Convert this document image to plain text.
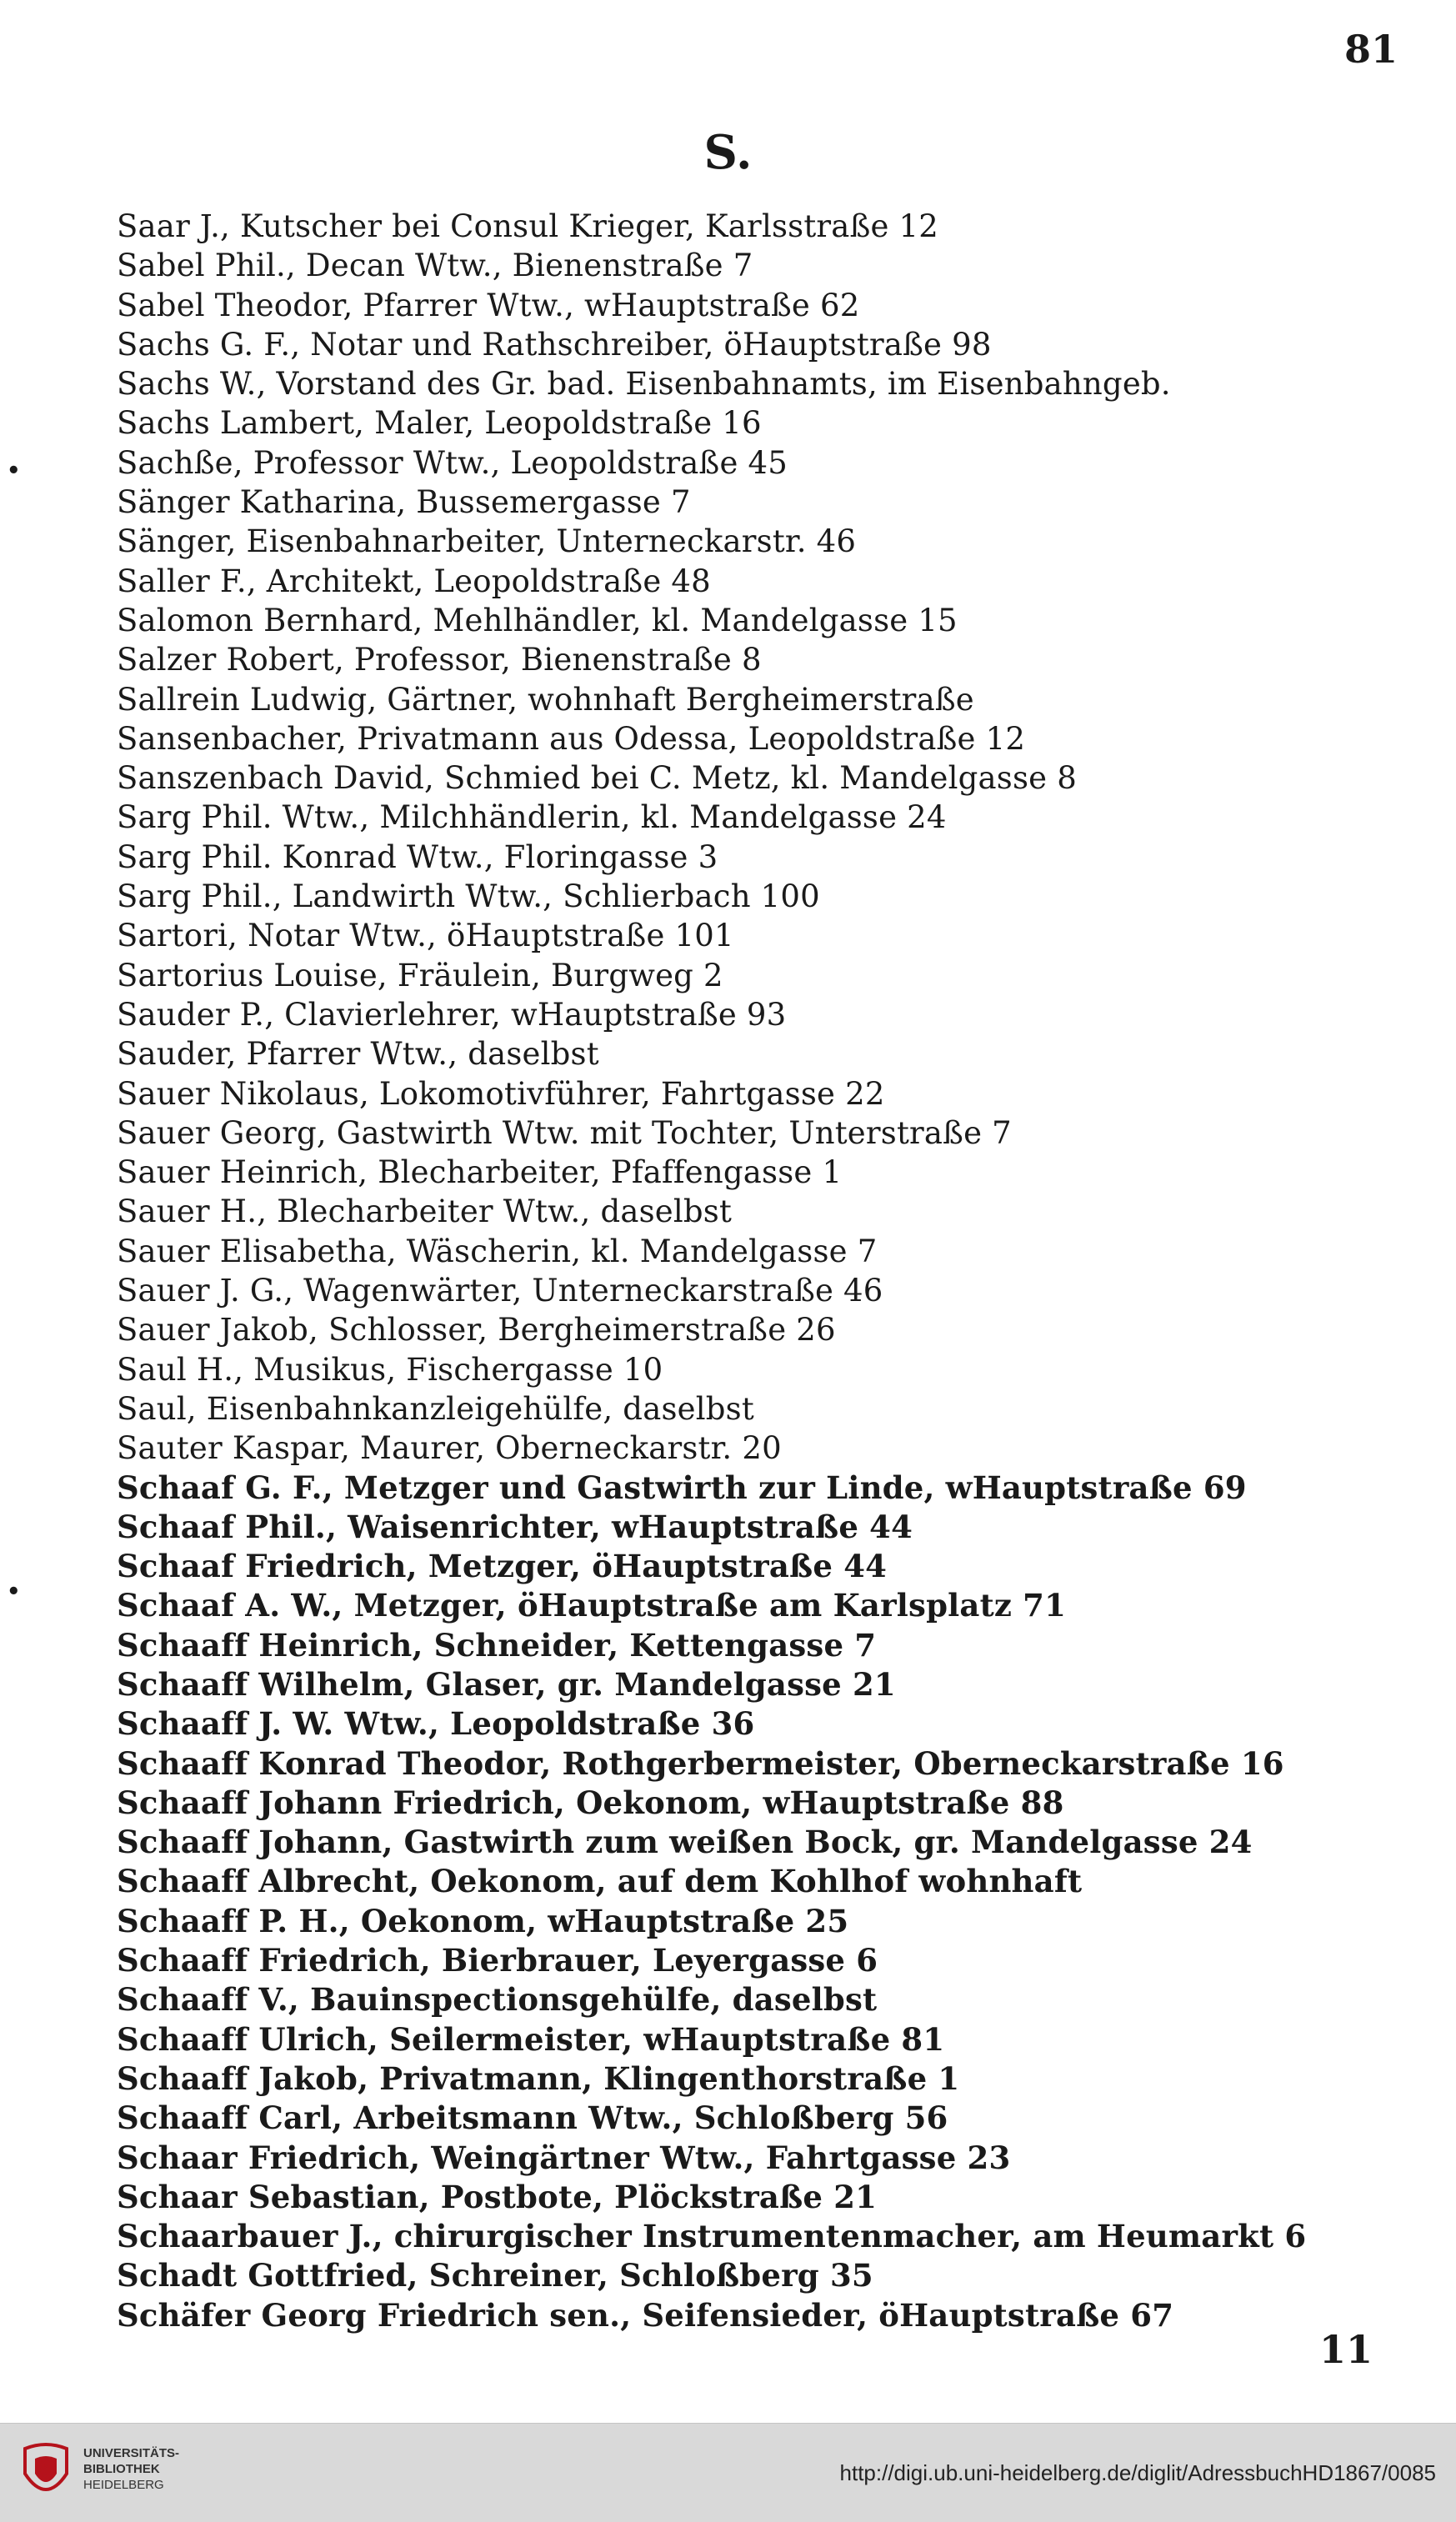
81
S.
•
•
Saar J., Kutscher bei Consul Krieger, Karlsstraße 12
Sabel Phil., Decan Wtw., Bienenstraße 7
Sabel Theodor, Pfarrer Wtw., wHauptstraße 62
Sachs G. F., Notar und Rathschreiber, öHauptstraße 98
Sachs W., Vorstand des Gr. bad. Eisenbahnamts, im Eisenbahngeb.
Sachs Lambert, Maler, Leopoldstraße 16
Sachße, Professor Wtw., Leopoldstraße 45
Sänger Katharina, Bussemergasse 7
Sänger, Eisenbahnarbeiter, Unterneckarstr. 46
Saller F., Architekt, Leopoldstraße 48
Salomon Bernhard, Mehlhändler, kl. Mandelgasse 15
Salzer Robert, Professor, Bienenstraße 8
Sallrein Ludwig, Gärtner, wohnhaft Bergheimerstraße
Sansenbacher, Privatmann aus Odessa, Leopoldstraße 12
Sanszenbach David, Schmied bei C. Metz, kl. Mandelgasse 8
Sarg Phil. Wtw., Milchhändlerin, kl. Mandelgasse 24
Sarg Phil. Konrad Wtw., Floringasse 3
Sarg Phil., Landwirth Wtw., Schlierbach 100
Sartori, Notar Wtw., öHauptstraße 101
Sartorius Louise, Fräulein, Burgweg 2
Sauder P., Clavierlehrer, wHauptstraße 93
Sauder, Pfarrer Wtw., daselbst
Sauer Nikolaus, Lokomotivführer, Fahrtgasse 22
Sauer Georg, Gastwirth Wtw. mit Tochter, Unterstraße 7
Sauer Heinrich, Blecharbeiter, Pfaffengasse 1
Sauer H., Blecharbeiter Wtw., daselbst
Sauer Elisabetha, Wäscherin, kl. Mandelgasse 7
Sauer J. G., Wagenwärter, Unterneckarstraße 46
Sauer Jakob, Schlosser, Bergheimerstraße 26
Saul H., Musikus, Fischergasse 10
Saul, Eisenbahnkanzleigehülfe, daselbst
Sauter Kaspar, Maurer, Oberneckarstr. 20
Schaaf G. F., Metzger und Gastwirth zur Linde, wHauptstraße 69
Schaaf Phil., Waisenrichter, wHauptstraße 44
Schaaf Friedrich, Metzger, öHauptstraße 44
Schaaf A. W., Metzger, öHauptstraße am Karlsplatz 71
Schaaff Heinrich, Schneider, Kettengasse 7
Schaaff Wilhelm, Glaser, gr. Mandelgasse 21
Schaaff J. W. Wtw., Leopoldstraße 36
Schaaff Konrad Theodor, Rothgerbermeister, Oberneckarstraße 16
Schaaff Johann Friedrich, Oekonom, wHauptstraße 88
Schaaff Johann, Gastwirth zum weißen Bock, gr. Mandelgasse 24
Schaaff Albrecht, Oekonom, auf dem Kohlhof wohnhaft
Schaaff P. H., Oekonom, wHauptstraße 25
Schaaff Friedrich, Bierbrauer, Leyergasse 6
Schaaff V., Bauinspectionsgehülfe, daselbst
Schaaff Ulrich, Seilermeister, wHauptstraße 81
Schaaff Jakob, Privatmann, Klingenthorstraße 1
Schaaff Carl, Arbeitsmann Wtw., Schloßberg 56
Schaar Friedrich, Weingärtner Wtw., Fahrtgasse 23
Schaar Sebastian, Postbote, Plöckstraße 21
Schaarbauer J., chirurgischer Instrumentenmacher, am Heumarkt 6
Schadt Gottfried, Schreiner, Schloßberg 35
Schäfer Georg Friedrich sen., Seifensieder, öHauptstraße 67
11
UNIVERSITÄTS-
BIBLIOTHEK
HEIDELBERG	http://digi.ub.uni-heidelberg.de/diglit/AdressbuchHD1867/0085
